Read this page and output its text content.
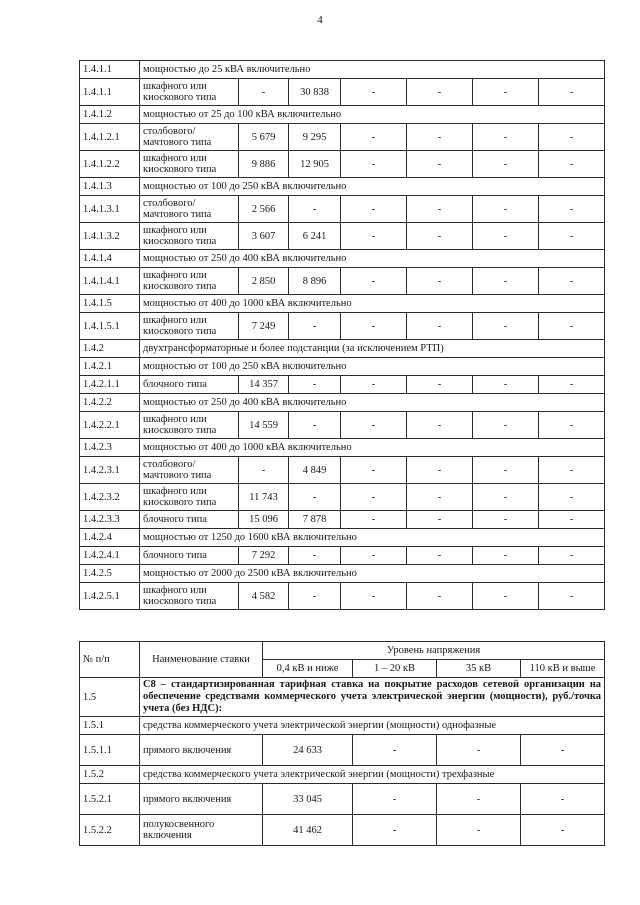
4
1.4.1.1	мощностью до 25 кВА включительно						
1.4.1.1	шкафного или киоскового типа	-	30 838	-	-	-	-
1.4.1.2	мощностью от 25 до 100 кВА включительно						
1.4.1.2.1	столбового/ мачтового типа	5 679	9 295	-	-	-	-
1.4.1.2.2	шкафного или киоскового типа	9 886	12 905	-	-	-	-
1.4.1.3	мощностью от 100 до 250 кВА включительно						
1.4.1.3.1	столбового/ мачтового типа	2 566	-	-	-	-	-
1.4.1.3.2	шкафного или киоскового типа	3 607	6 241	-	-	-	-
1.4.1.4	мощностью от 250 до 400 кВА включительно						
1.4.1.4.1	шкафного или киоскового типа	2 850	8 896	-	-	-	-
1.4.1.5	мощностью от 400 до 1000 кВА включительно						
1.4.1.5.1	шкафного или киоскового типа	7 249	-	-	-	-	-
1.4.2	двухтрансформаторные и более подстанции (за исключением РТП)						
1.4.2.1	мощностью от 100 до 250 кВА включительно						
1.4.2.1.1	блочного типа	14 357	-	-	-	-	-
1.4.2.2	мощностью от 250 до 400 кВА включительно						
1.4.2.2.1	шкафного или киоскового типа	14 559	-	-	-	-	-
1.4.2.3	мощностью от 400 до 1000 кВА включительно						
1.4.2.3.1	столбового/ мачтового типа	-	4 849	-	-	-	-
1.4.2.3.2	шкафного или киоскового типа	11 743	-	-	-	-	-
1.4.2.3.3	блочного типа	15 096	7 878	-	-	-	-
1.4.2.4	мощностью от 1250 до 1600 кВА включительно						
1.4.2.4.1	блочного типа	7 292	-	-	-	-	-
1.4.2.5	мощностью от 2000 до 2500 кВА включительно						
1.4.2.5.1	шкафного или киоскового типа	4 582	-	-	-	-	-
№ п/п	Наименование ставки	Уровень напряжения			
		0,4 кВ и ниже	1 – 20 кВ	35 кВ	110 кВ и выше
1.5	С8 – стандартизированная тарифная ставка на покрытие расходов сетевой организации на обеспечение средствами коммерческого учета электрической энергии (мощности), руб./точка учета (без НДС):				
1.5.1	средства коммерческого учета электрической энергии (мощности) однофазные				
1.5.1.1	прямого включения	24 633	-	-	-
1.5.2	средства коммерческого учета электрической энергии (мощности) трехфазные				
1.5.2.1	прямого включения	33 045	-	-	-
1.5.2.2	полукосвенного включения	41 462	-	-	-
